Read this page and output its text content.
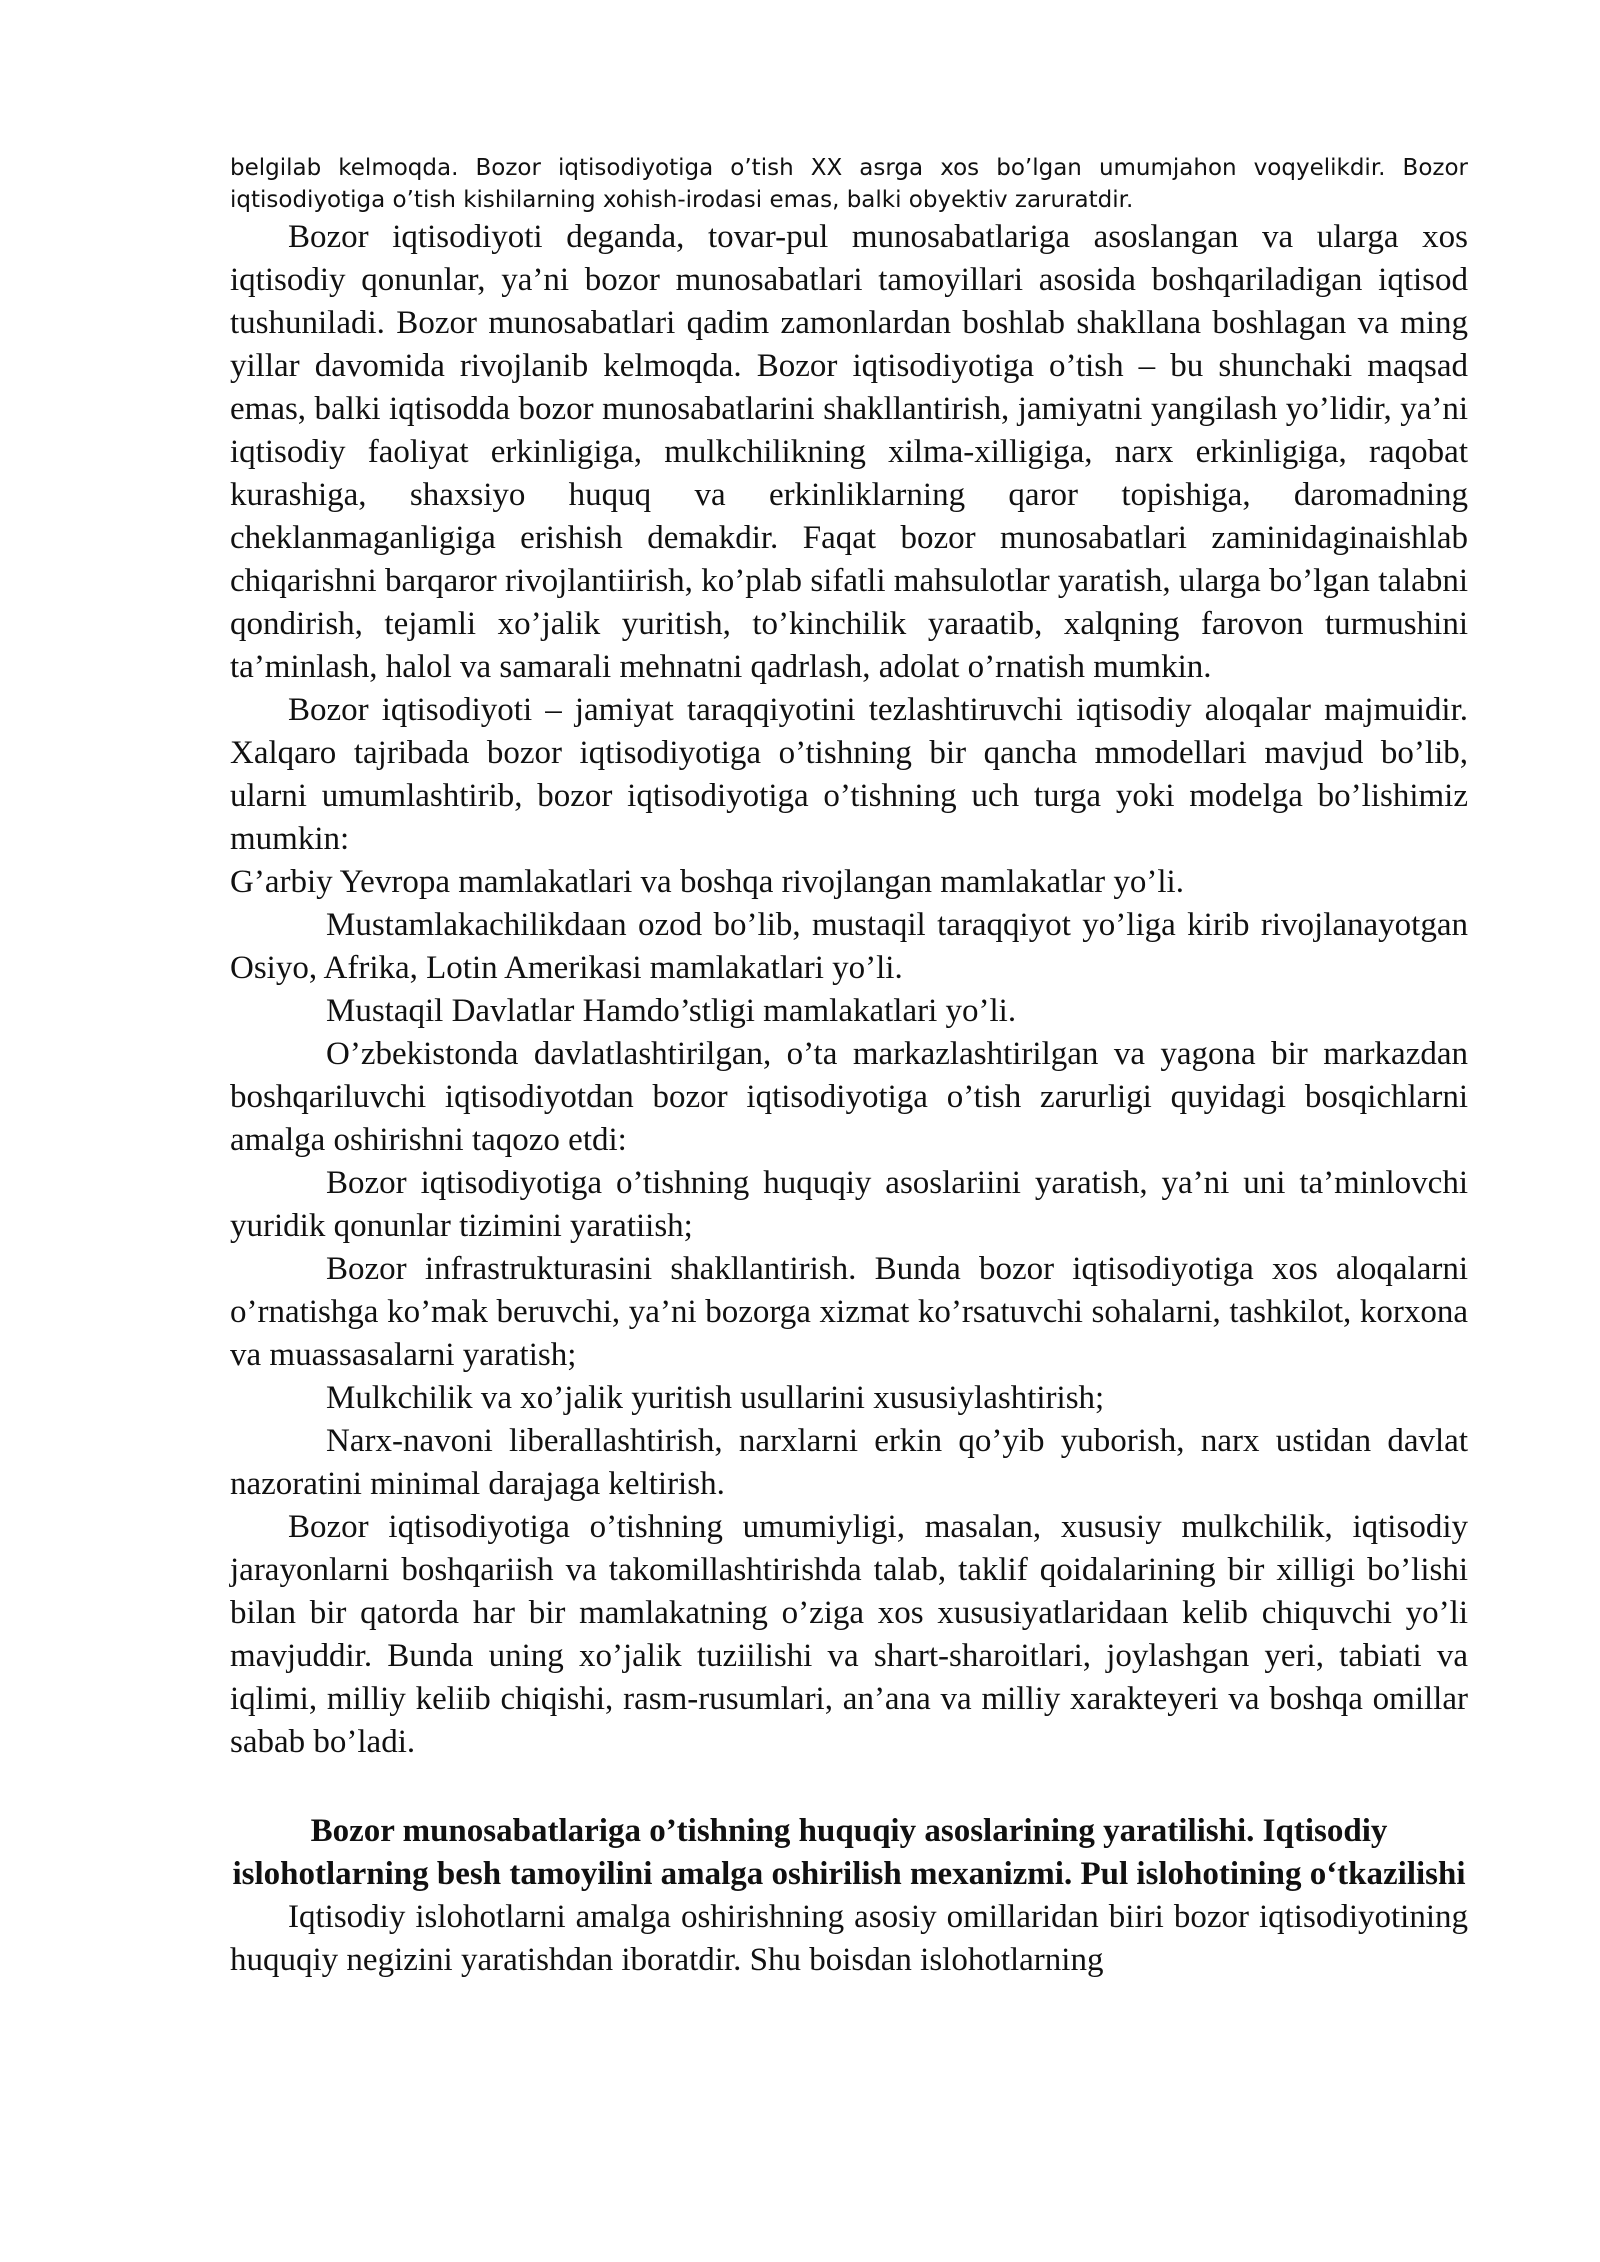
belgilab kelmoqda. Bozor iqtisodiyotiga o’tish XX asrga xos bo’lgan umumjahon voqyelikdir. Bozor iqtisodiyotiga o’tish kishilarning xohish-irodasi emas, balki obyektiv zaruratdir.

Bozor iqtisodiyoti deganda, tovar-pul munosabatlariga asoslangan va ularga xos iqtisodiy qonunlar, ya’ni bozor munosabatlari tamoyillari asosida boshqariladigan iqtisod tushuniladi. Bozor munosabatlari qadim zamonlardan boshlab shakllana boshlagan va ming yillar davomida rivojlanib kelmoqda. Bozor iqtisodiyotiga o’tish – bu shunchaki maqsad emas, balki iqtisodda bozor munosabatlarini shakllantirish, jamiyatni yangilash yo’lidir, ya’ni iqtisodiy faoliyat erkinligiga, mulkchilikning xilma-xilligiga, narx erkinligiga, raqobat kurashiga, shaxsiyo huquq va erkinliklarning qaror topishiga, daromadning cheklanmaganligiga erishish demakdir. Faqat bozor munosabatlari zaminidaginaishlab chiqarishni barqaror rivojlantiirish, ko’plab sifatli mahsulotlar yaratish, ularga bo’lgan talabni qondirish, tejamli xo’jalik yuritish, to’kinchilik yaraatib, xalqning farovon turmushini ta’minlash, halol va samarali mehnatni qadrlash, adolat o’rnatish mumkin.

Bozor iqtisodiyoti – jamiyat taraqqiyotini tezlashtiruvchi iqtisodiy aloqalar majmuidir. Xalqaro tajribada bozor iqtisodiyotiga o’tishning bir qancha mmodellari mavjud bo’lib, ularni umumlashtirib, bozor iqtisodiyotiga o’tishning uch turga yoki modelga bo’lishimiz mumkin:

G’arbiy Yevropa mamlakatlari va boshqa rivojlangan mamlakatlar yo’li.

Mustamlakachilikdaan ozod bo’lib, mustaqil taraqqiyot yo’liga kirib rivojlanayotgan Osiyo, Afrika, Lotin Amerikasi mamlakatlari yo’li.

Mustaqil Davlatlar Hamdo’stligi mamlakatlari yo’li.

O’zbekistonda davlatlashtirilgan, o’ta markazlashtirilgan va yagona bir markazdan boshqariluvchi iqtisodiyotdan bozor iqtisodiyotiga o’tish zarurligi quyidagi bosqichlarni amalga oshirishni taqozo etdi:

Bozor iqtisodiyotiga o’tishning huquqiy asoslariini yaratish, ya’ni uni ta’minlovchi yuridik qonunlar tizimini yaratiish;

Bozor infrastrukturasini shakllantirish. Bunda bozor iqtisodiyotiga xos aloqalarni o’rnatishga ko’mak beruvchi, ya’ni bozorga xizmat ko’rsatuvchi sohalarni, tashkilot, korxona va muassasalarni yaratish;

Mulkchilik va xo’jalik yuritish usullarini xususiylashtirish;

Narx-navoni liberallashtirish, narxlarni erkin qo’yib yuborish, narx ustidan davlat nazoratini minimal darajaga keltirish.

Bozor iqtisodiyotiga o’tishning umumiyligi, masalan, xususiy mulkchilik, iqtisodiy jarayonlarni boshqariish va takomillashtirishda talab, taklif qoidalarining bir xilligi bo’lishi bilan bir qatorda har bir mamlakatning o’ziga xos xususiyatlaridaan kelib chiquvchi yo’li mavjuddir. Bunda uning xo’jalik tuziilishi va shart-sharoitlari, joylashgan yeri, tabiati va iqlimi, milliy keliib chiqishi, rasm-rusumlari, an’ana va milliy xarakteyeri va boshqa omillar sabab bo’ladi.

Bozor munosabatlariga o’tishning huquqiy asoslarining yaratilishi. Iqtisodiy islohotlarning besh tamoyilini amalga oshirilish mexanizmi. Pul islohotining o‘tkazilishi

Iqtisodiy islohotlarni amalga oshirishning asosiy omillaridan biiri bozor iqtisodiyotining huquqiy negizini yaratishdan iboratdir. Shu boisdan islohotlarning
